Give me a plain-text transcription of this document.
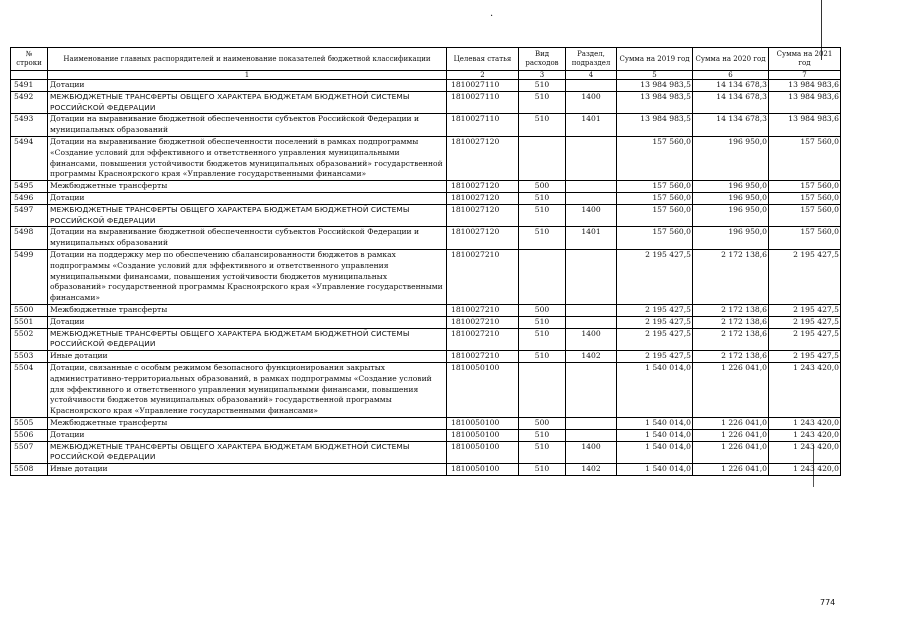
.
№ строки	Наименование главных распорядителей и наименование показателей бюджетной классификации	Целевая статья	Вид расходов	Раздел, подраздел	Сумма на 2019 год	Сумма на 2020 год	Сумма на 2021 год
	1	2	3	4	5	6	7
5491	Дотации	1810027110	510		13 984 983,5	14 134 678,3	13 984 983,6
5492	МЕЖБЮДЖЕТНЫЕ ТРАНСФЕРТЫ ОБЩЕГО ХАРАКТЕРА БЮДЖЕТАМ БЮДЖЕТНОЙ СИСТЕМЫ РОССИЙСКОЙ ФЕДЕРАЦИИ	1810027110	510	1400	13 984 983,5	14 134 678,3	13 984 983,6
5493	Дотации на выравнивание бюджетной обеспеченности субъектов Российской Федерации и муниципальных образований	1810027110	510	1401	13 984 983,5	14 134 678,3	13 984 983,6
5494	Дотации на выравнивание бюджетной обеспеченности поселений в рамках подпрограммы «Создание условий для эффективного и ответственного управления муниципальными финансами, повышения устойчивости бюджетов муниципальных образований» государственной программы Красноярского края «Управление государственными финансами»	1810027120			157 560,0	196 950,0	157 560,0
5495	Межбюджетные трансферты	1810027120	500		157 560,0	196 950,0	157 560,0
5496	Дотации	1810027120	510		157 560,0	196 950,0	157 560,0
5497	МЕЖБЮДЖЕТНЫЕ ТРАНСФЕРТЫ ОБЩЕГО ХАРАКТЕРА БЮДЖЕТАМ БЮДЖЕТНОЙ СИСТЕМЫ РОССИЙСКОЙ ФЕДЕРАЦИИ	1810027120	510	1400	157 560,0	196 950,0	157 560,0
5498	Дотации на выравнивание бюджетной обеспеченности субъектов Российской Федерации и муниципальных образований	1810027120	510	1401	157 560,0	196 950,0	157 560,0
5499	Дотации на поддержку мер по обеспечению сбалансированности бюджетов в рамках подпрограммы «Создание условий для эффективного и ответственного управления муниципальными финансами, повышения устойчивости бюджетов муниципальных образований» государственной программы Красноярского края «Управление государственными финансами»	1810027210			2 195 427,5	2 172 138,6	2 195 427,5
5500	Межбюджетные трансферты	1810027210	500		2 195 427,5	2 172 138,6	2 195 427,5
5501	Дотации	1810027210	510		2 195 427,5	2 172 138,6	2 195 427,5
5502	МЕЖБЮДЖЕТНЫЕ ТРАНСФЕРТЫ ОБЩЕГО ХАРАКТЕРА БЮДЖЕТАМ БЮДЖЕТНОЙ СИСТЕМЫ РОССИЙСКОЙ ФЕДЕРАЦИИ	1810027210	510	1400	2 195 427,5	2 172 138,6	2 195 427,5
5503	Иные дотации	1810027210	510	1402	2 195 427,5	2 172 138,6	2 195 427,5
5504	Дотации, связанные с особым режимом безопасного функционирования закрытых административно-территориальных образований, в рамках подпрограммы «Создание условий для эффективного и ответственного управления муниципальными финансами, повышения устойчивости бюджетов муниципальных образований» государственной программы Красноярского края «Управление государственными финансами»	1810050100			1 540 014,0	1 226 041,0	1 243 420,0
5505	Межбюджетные трансферты	1810050100	500		1 540 014,0	1 226 041,0	1 243 420,0
5506	Дотации	1810050100	510		1 540 014,0	1 226 041,0	1 243 420,0
5507	МЕЖБЮДЖЕТНЫЕ ТРАНСФЕРТЫ ОБЩЕГО ХАРАКТЕРА БЮДЖЕТАМ БЮДЖЕТНОЙ СИСТЕМЫ РОССИЙСКОЙ ФЕДЕРАЦИИ	1810050100	510	1400	1 540 014,0	1 226 041,0	1 243 420,0
5508	Иные дотации	1810050100	510	1402	1 540 014,0	1 226 041,0	1 243 420,0
774
